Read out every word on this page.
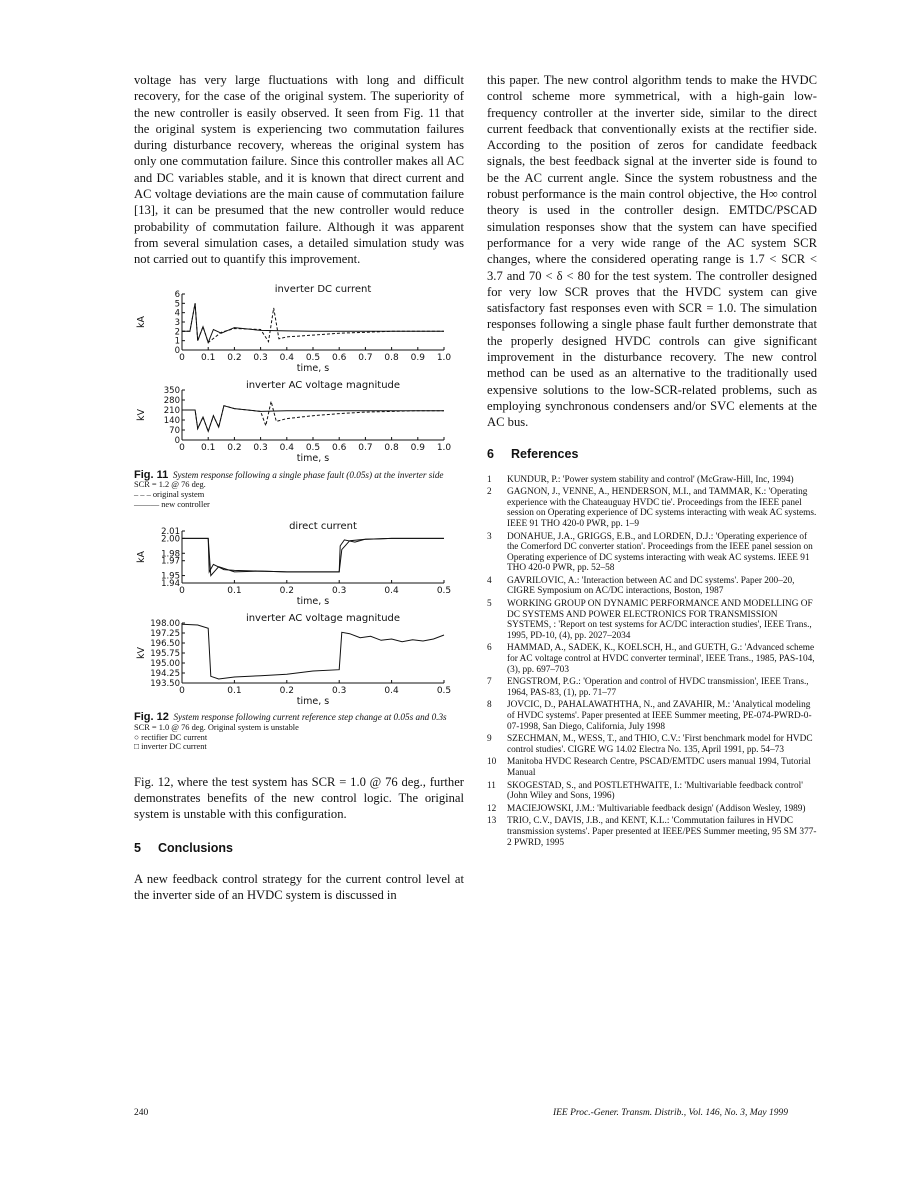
voltage has very large fluctuations with long and difficult recovery, for the case of the original system. The superiority of the new controller is easily observed. It seen from Fig. 11 that the original system is experiencing two commutation failures during disturbance recovery, whereas the original system has only one commutation failure. Since this controller makes all AC and DC variables stable, and it is known that direct current and AC voltage deviations are the main cause of commutation failure [13], it can be presumed that the new controller would reduce probability of commutation failure. Although it was apparent from several simulation cases, a detailed simulation study was not carried out to quantify this improvement.

inverter DC current
0 0.1 0.2 0.3 0.4 0.5 0.6 0.7 0.8 0.9 1.0
0
1
2
3
4
5
6
time, s
kA
inverter AC voltage magnitude
0 0.1 0.2 0.3 0.4 0.5 0.6 0.7 0.8 0.9 1.0
0
70
140
210
280
350
time, s
kV

Fig. 11 System response following a single phase fault (0.05s) at the inverter side

SCR = 1.2 @ 76 deg.

– – – original system

——— new controller

direct current
0	0.1	0.2	0.3	0.4	0.5
1.94
1.95
1.97
1.98
2.00
2.01
time, s
kA
inverter AC voltage magnitude
0	0.1	0.2	0.3	0.4	0.5
193.50
194.25
195.00
195.75
196.50
197.25
198.00
time, s
kV

Fig. 12 System response following current reference step change at 0.05s and 0.3s

SCR = 1.0 @ 76 deg. Original system is unstable

○ rectifier DC current

□ inverter DC current

Fig. 12, where the test system has SCR = 1.0 @ 76 deg., further demonstrates benefits of the new control logic. The original system is unstable with this configuration.

5 Conclusions

A new feedback control strategy for the current control level at the inverter side of an HVDC system is discussed in

this paper. The new control algorithm tends to make the HVDC control scheme more symmetrical, with a high-gain low-frequency controller at the inverter side, similar to the direct current feedback that conventionally exists at the rectifier side. According to the position of zeros for candidate feedback signals, the best feedback signal at the inverter side is found to be the AC current angle. Since the system robustness and the robust performance is the main control objective, the H∞ control theory is used in the controller design. EMTDC/PSCAD simulation responses show that the system can have specified performance for a very wide range of the AC system SCR changes, where the considered operating range is 1.7 < SCR < 3.7 and 70 < δ < 80 for the test system. The controller designed for very low SCR proves that the HVDC system can give satisfactory fast responses even with SCR = 1.0. The simulation responses following a single phase fault further demonstrate that the properly designed HVDC controls can give significant improvement in the disturbance recovery. The new control method can be used as an alternative to the traditionally used expensive solutions to the low-SCR-related problems, such as employing synchronous condensers and/or SVC elements at the AC bus.

6 References
1	KUNDUR, P.: 'Power system stability and control' (McGraw-Hill, Inc, 1994)
2	GAGNON, J., VENNE, A., HENDERSON, M.I., and TAMMAR, K.: 'Operating experience with the Chateauguay HVDC tie'. Proceedings from the IEEE panel session on Operating experience of DC systems interacting with weak AC systems. IEEE 91 THO 420-0 PWR, pp. 1–9
3	DONAHUE, J.A., GRIGGS, E.B., and LORDEN, D.J.: 'Operating experience of the Comerford DC converter station'. Proceedings from the IEEE panel session on Operating experience of DC systems interacting with weak AC systems. IEEE 91 THO 420-0 PWR, pp. 52–58
4	GAVRILOVIC, A.: 'Interaction between AC and DC systems'. Paper 200–20, CIGRE Symposium on AC/DC interactions, Boston, 1987
5	WORKING GROUP ON DYNAMIC PERFORMANCE AND MODELLING OF DC SYSTEMS AND POWER ELECTRONICS FOR TRANSMISSION SYSTEMS, : 'Report on test systems for AC/DC interaction studies', IEEE Trans., 1995, PD-10, (4), pp. 2027–2034
6	HAMMAD, A., SADEK, K., KOELSCH, H., and GUETH, G.: 'Advanced scheme for AC voltage control at HVDC converter terminal', IEEE Trans., 1985, PAS-104, (3), pp. 697–703
7	ENGSTROM, P.G.: 'Operation and control of HVDC transmission', IEEE Trans., 1964, PAS-83, (1), pp. 71–77
8	JOVCIC, D., PAHALAWATHTHA, N., and ZAVAHIR, M.: 'Analytical modeling of HVDC systems'. Paper presented at IEEE Summer meeting, PE-074-PWRD-0-07-1998, San Diego, California, July 1998
9	SZECHMAN, M., WESS, T., and THIO, C.V.: 'First benchmark model for HVDC control studies'. CIGRE WG 14.02 Electra No. 135, April 1991, pp. 54–73
10	Manitoba HVDC Research Centre, PSCAD/EMTDC users manual 1994, Tutorial Manual
11	SKOGESTAD, S., and POSTLETHWAITE, I.: 'Multivariable feedback control' (John Wiley and Sons, 1996)
12	MACIEJOWSKI, J.M.: 'Multivariable feedback design' (Addison Wesley, 1989)
13	TRIO, C.V., DAVIS, J.B., and KENT, K.L.: 'Commutation failures in HVDC transmission systems'. Paper presented at IEEE/PES Summer meeting, 95 SM 377-2 PWRD, 1995
240	IEE Proc.-Gener. Transm. Distrib., Vol. 146, No. 3, May 1999
